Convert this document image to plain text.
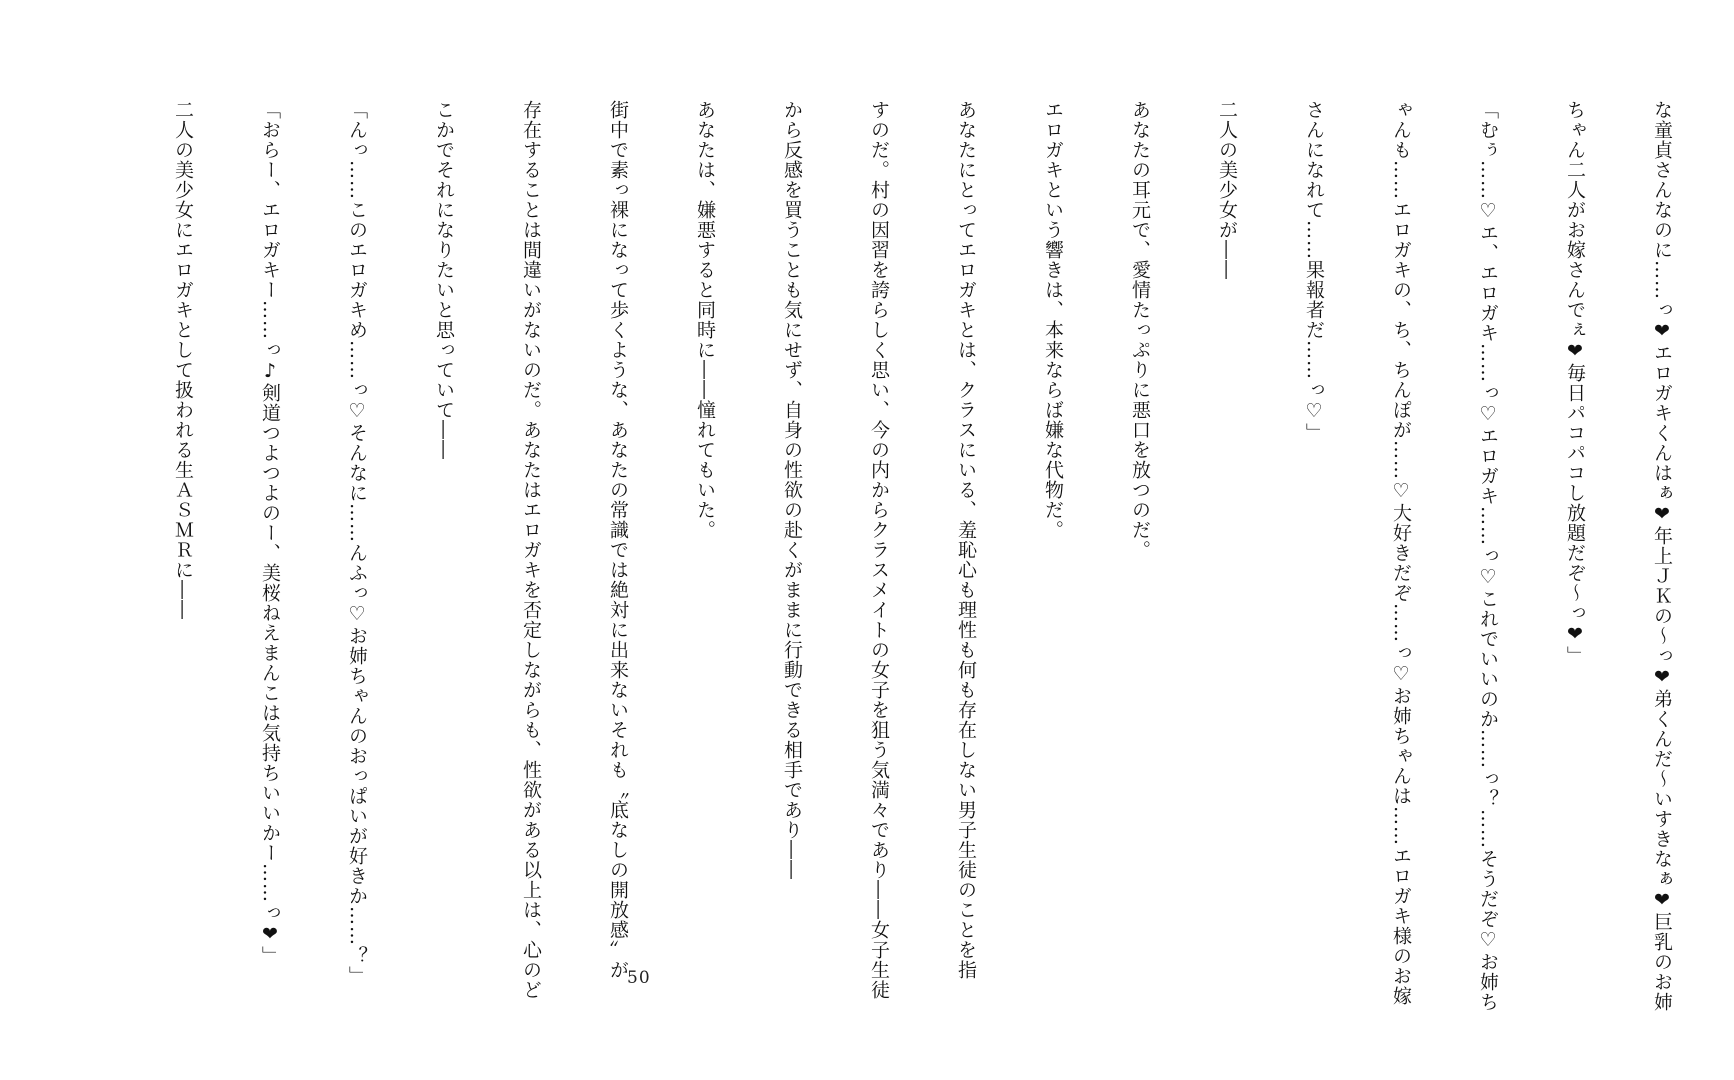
な童貞さんなのに……っ❤エロガキくんはぁ❤年上ＪＫの〜っ❤弟くんだ〜いすきなぁ❤巨乳のお姉

ちゃん二人がお嫁さんでぇ❤毎日パコパコし放題だぞ〜っ❤」

「むぅ……♡エ、エロガキ……っ♡エロガキ……っ♡これでいいのか……っ？……そうだぞ♡お姉ち

ゃんも……エロガキの、ち、ちんぽが……♡大好きだぞ……っ♡お姉ちゃんは……エロガキ様のお嫁

さんになれて……果報者だ……っ♡」

二人の美少女が――

あなたの耳元で、愛情たっぷりに悪口を放つのだ。

エロガキという響きは、本来ならば嫌な代物だ。

あなたにとってエロガキとは、クラスにいる、羞恥心も理性も何も存在しない男子生徒のことを指

すのだ。村の因習を誇らしく思い、今の内からクラスメイトの女子を狙う気満々であり――女子生徒

から反感を買うことも気にせず、自身の性欲の赴くがままに行動できる相手であり――

あなたは、嫌悪すると同時に――憧れてもいた。

街中で素っ裸になって歩くような、あなたの常識では絶対に出来ないそれも〝底なしの開放感〟が

存在することは間違いがないのだ。あなたはエロガキを否定しながらも、性欲がある以上は、心のど

こかでそれになりたいと思っていて――

「んっ……このエロガキめ……っ♡そんなに……んふっ♡お姉ちゃんのおっぱいが好きか……？」

「おらー、エロガキー……っ♪剣道つよつよのー、美桜ねえまんこは気持ちいいかー……っ❤」

二人の美少女にエロガキとして扱われる生ＡＳＭＲに――

50
